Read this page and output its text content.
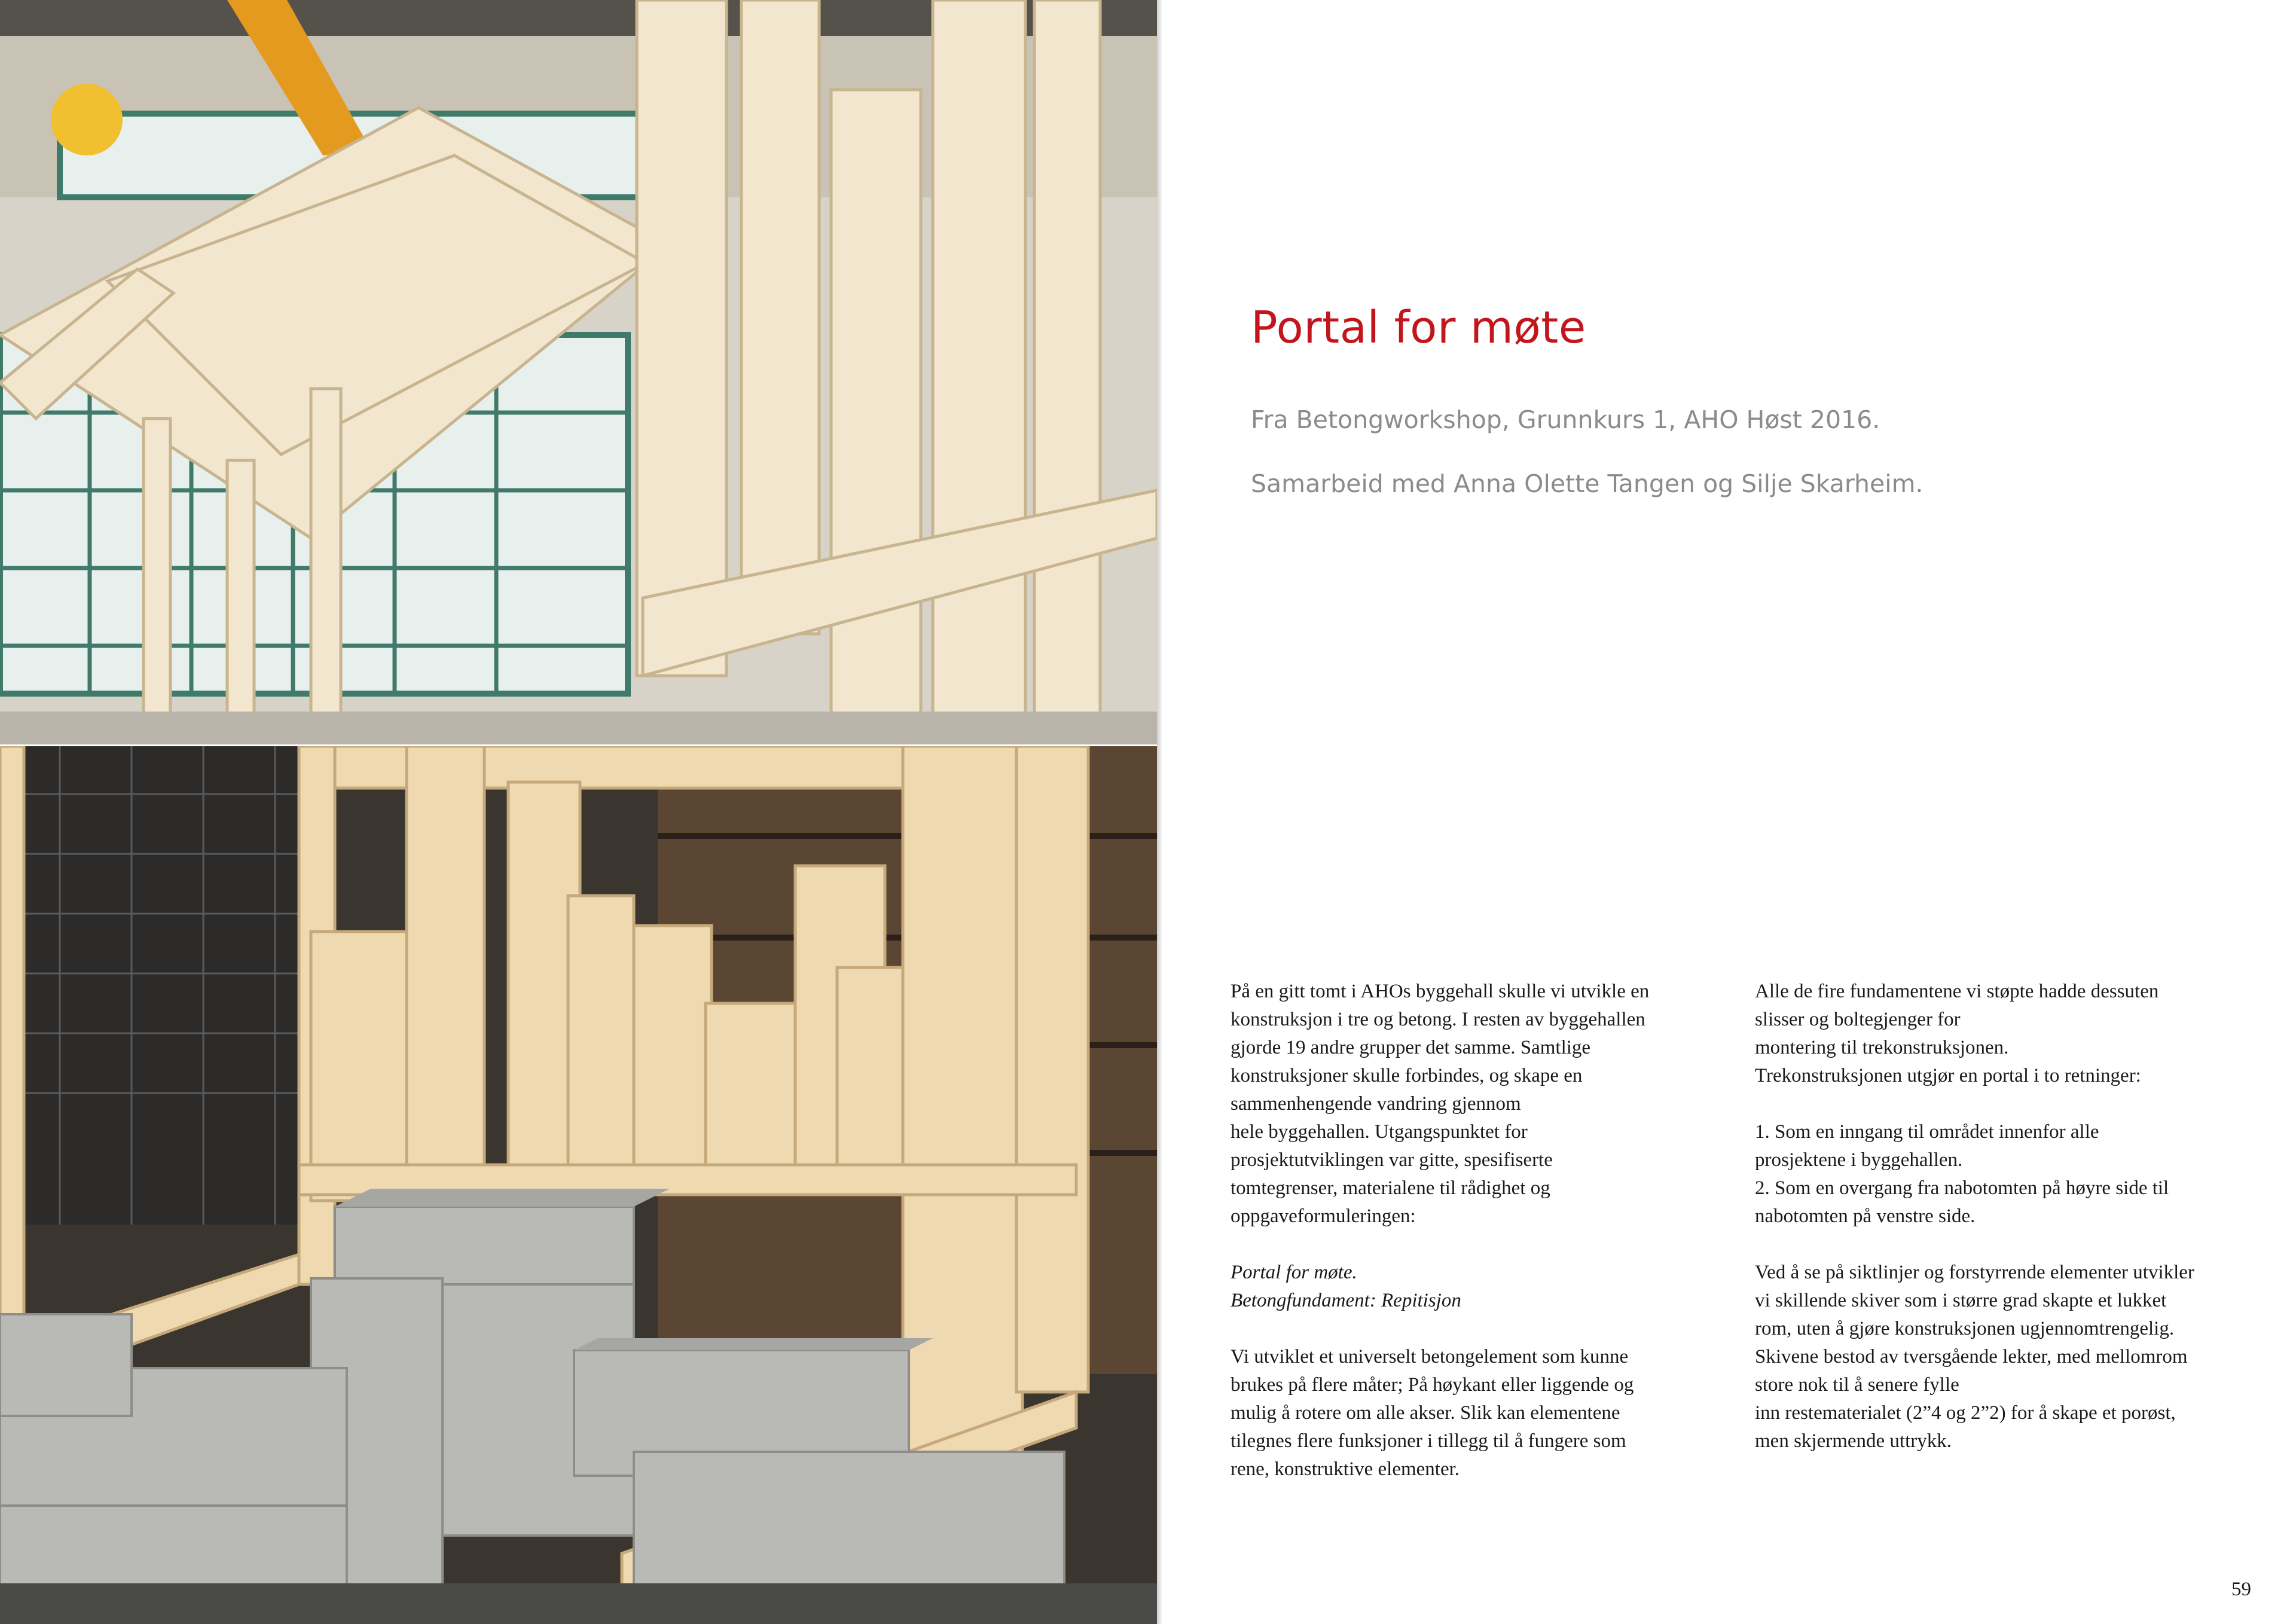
Portal for møte
Fra Betongworkshop, Grunnkurs 1, AHO Høst 2016.
Samarbeid med Anna Olette Tangen og Silje Skarheim.

På en gitt tomt i AHOs byggehall skulle vi utvikle en

konstruksjon i tre og betong. I resten av byggehallen

gjorde 19 andre grupper det samme. Samtlige

konstruksjoner skulle forbindes, og skape en

sammenhengende vandring gjennom

hele byggehallen. Utgangspunktet for

prosjektutviklingen var gitte, spesifiserte

tomtegrenser, materialene til rådighet og

oppgaveformuleringen:

Portal for møte.

Betongfundament: Repitisjon

Vi utviklet et universelt betongelement som kunne

brukes på flere måter; På høykant eller liggende og

mulig å rotere om alle akser. Slik kan elementene

tilegnes flere funksjoner i tillegg til å fungere som

rene, konstruktive elementer.

Alle de fire fundamentene vi støpte hadde dessuten

slisser og boltegjenger for

montering til trekonstruksjonen.

Trekonstruksjonen utgjør en portal i to retninger:

1. Som en inngang til området innenfor alle

prosjektene i byggehallen.

2. Som en overgang fra nabotomten på høyre side til

nabotomten på venstre side.

Ved å se på siktlinjer og forstyrrende elementer utvikler

vi skillende skiver som i større grad skapte et lukket

rom, uten å gjøre konstruksjonen ugjennomtrengelig.

Skivene bestod av tversgående lekter, med mellomrom

store nok til å senere fylle

inn restematerialet (2”4 og 2”2) for å skape et porøst,

men skjermende uttrykk.

59
